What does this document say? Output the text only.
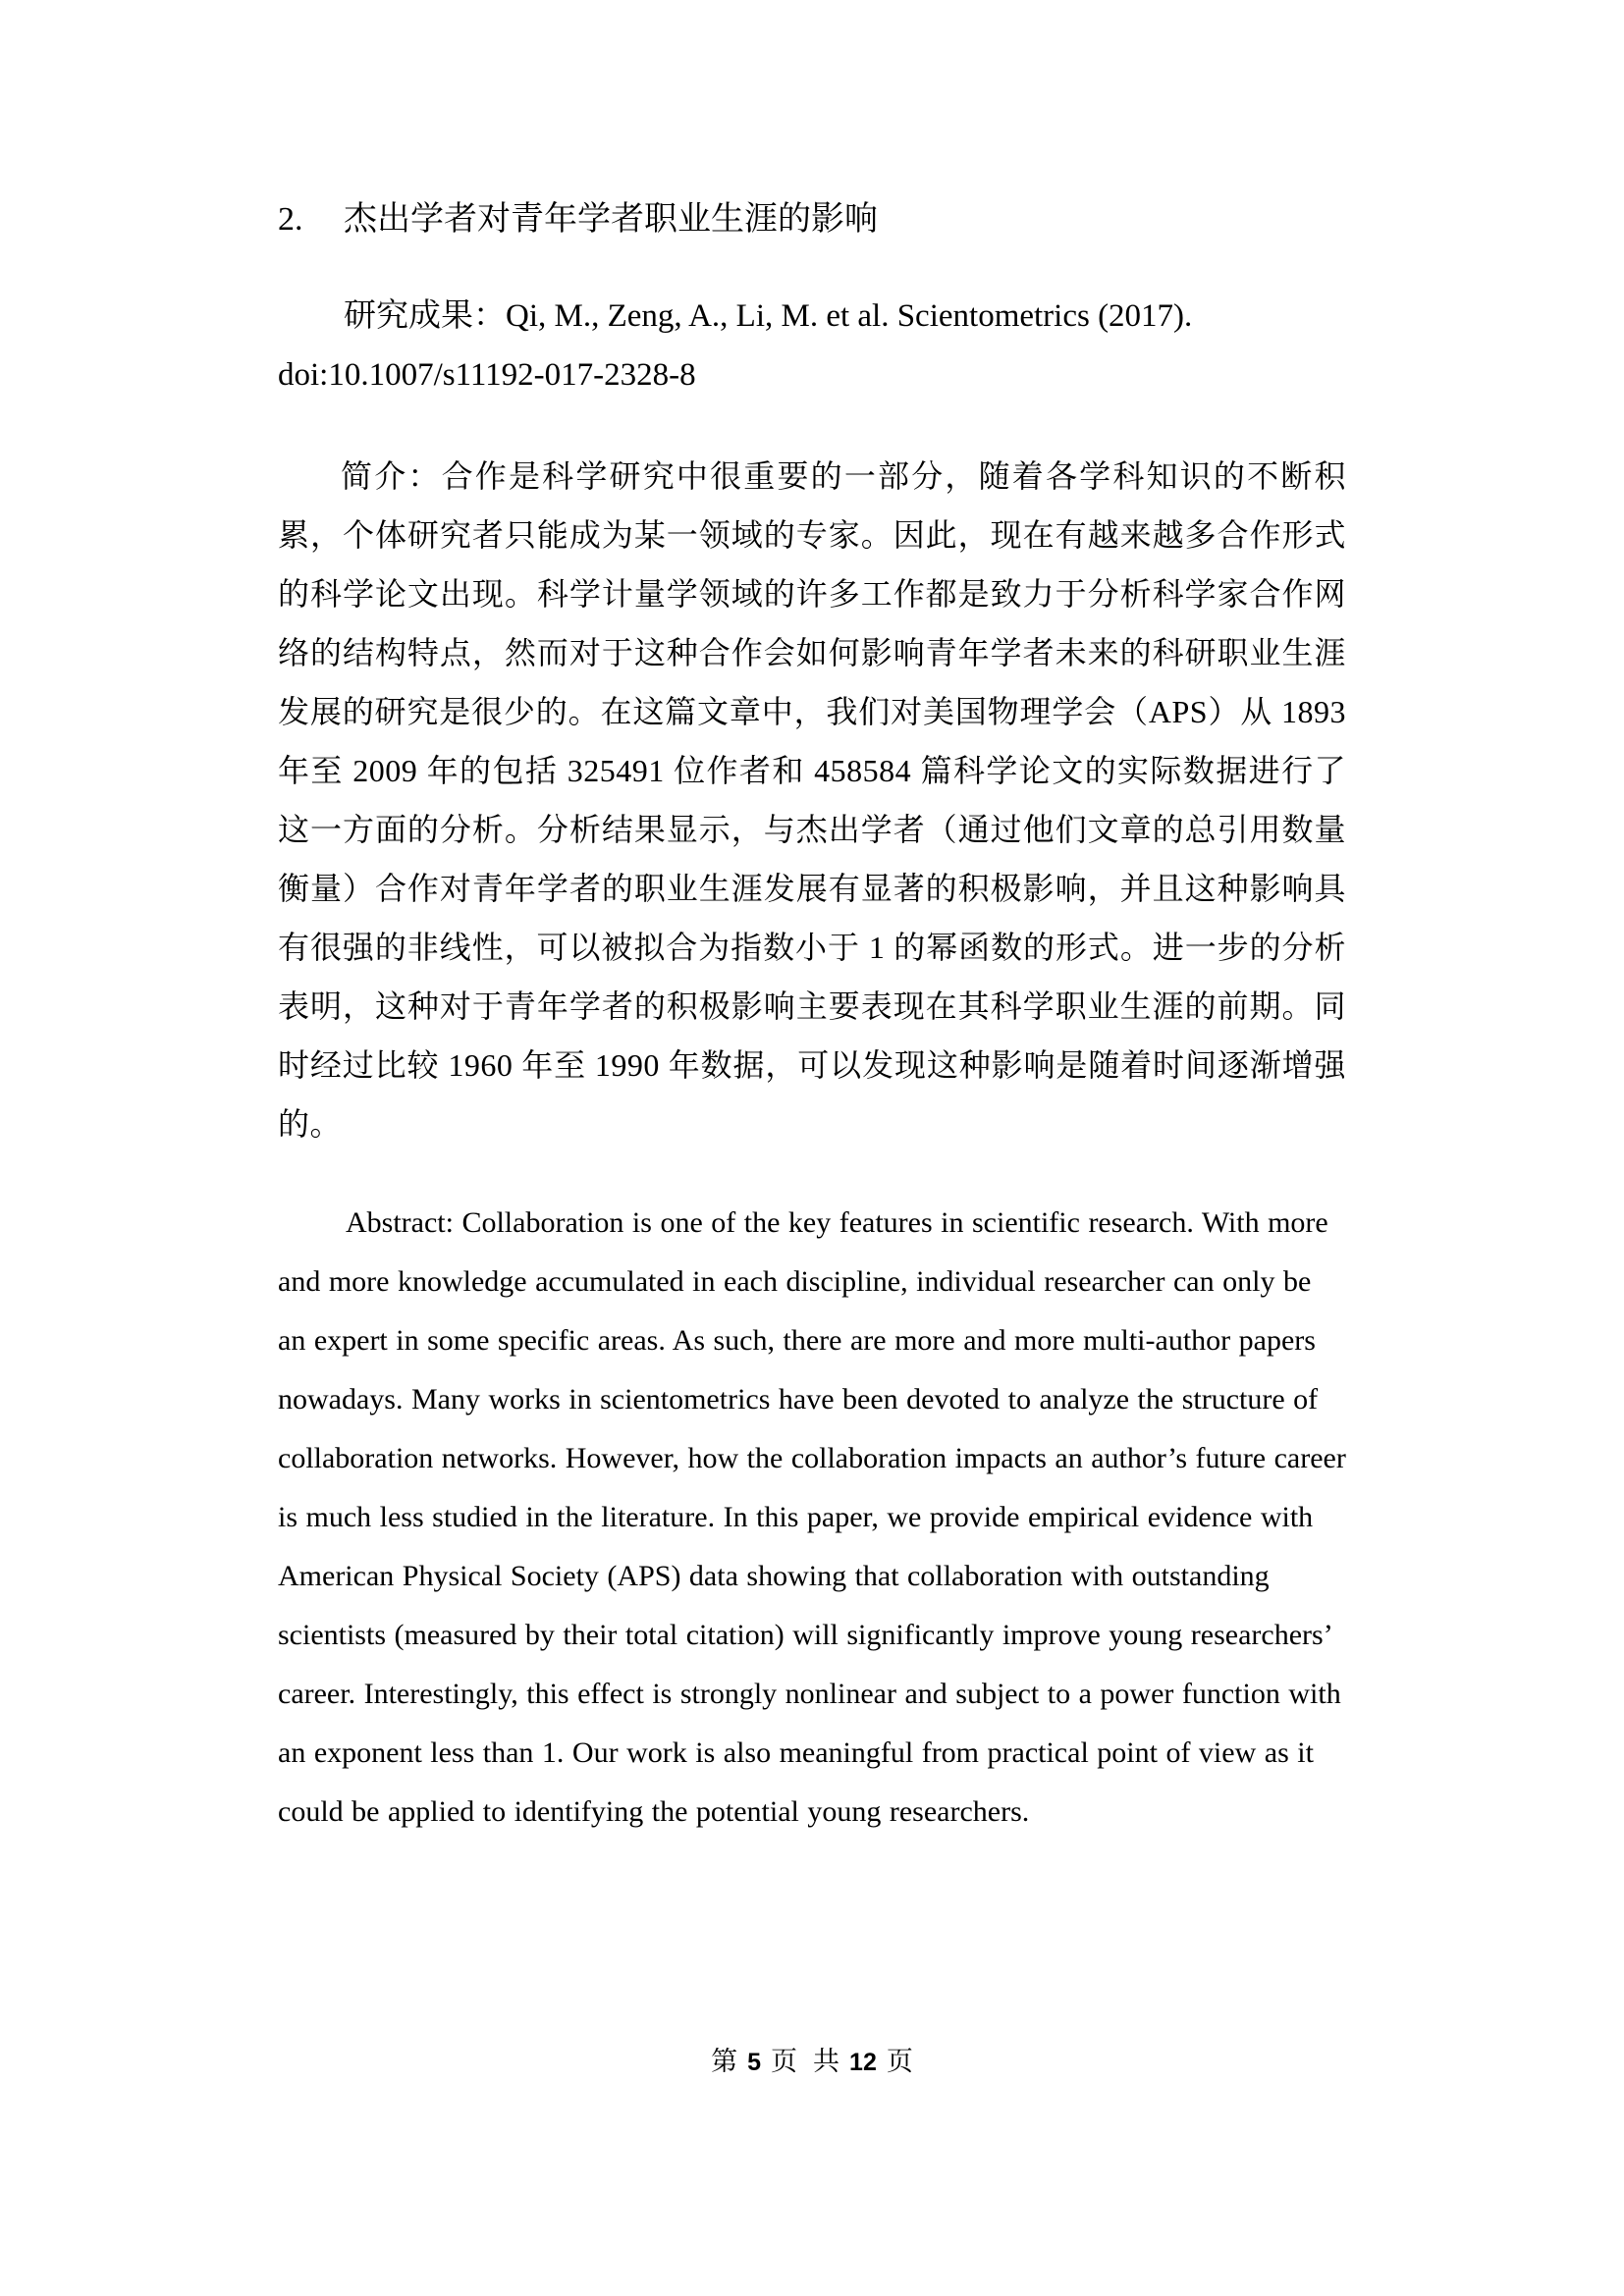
2. 杰出学者对青年学者职业生涯的影响

研究成果：Qi, M., Zeng, A., Li, M. et al. Scientometrics (2017).
doi:10.1007/s11192-017-2328-8

简介：合作是科学研究中很重要的一部分，随着各学科知识的不断积累，个体研究者只能成为某一领域的专家。因此，现在有越来越多合作形式的科学论文出现。科学计量学领域的许多工作都是致力于分析科学家合作网络的结构特点，然而对于这种合作会如何影响青年学者未来的科研职业生涯发展的研究是很少的。在这篇文章中，我们对美国物理学会（APS）从 1893 年至 2009 年的包括 325491 位作者和 458584 篇科学论文的实际数据进行了这一方面的分析。分析结果显示，与杰出学者（通过他们文章的总引用数量衡量）合作对青年学者的职业生涯发展有显著的积极影响，并且这种影响具有很强的非线性，可以被拟合为指数小于 1 的幂函数的形式。进一步的分析表明，这种对于青年学者的积极影响主要表现在其科学职业生涯的前期。同时经过比较 1960 年至 1990 年数据，可以发现这种影响是随着时间逐渐增强的。

Abstract: Collaboration is one of the key features in scientific research. With more and more knowledge accumulated in each discipline, individual researcher can only be an expert in some specific areas. As such, there are more and more multi-author papers nowadays. Many works in scientometrics have been devoted to analyze the structure of collaboration networks. However, how the collaboration impacts an author’s future career is much less studied in the literature. In this paper, we provide empirical evidence with American Physical Society (APS) data showing that collaboration with outstanding scientists (measured by their total citation) will significantly improve young researchers’ career. Interestingly, this effect is strongly nonlinear and subject to a power function with an exponent less than 1. Our work is also meaningful from practical point of view as it could be applied to identifying the potential young researchers.

第 5 页 共 12 页
